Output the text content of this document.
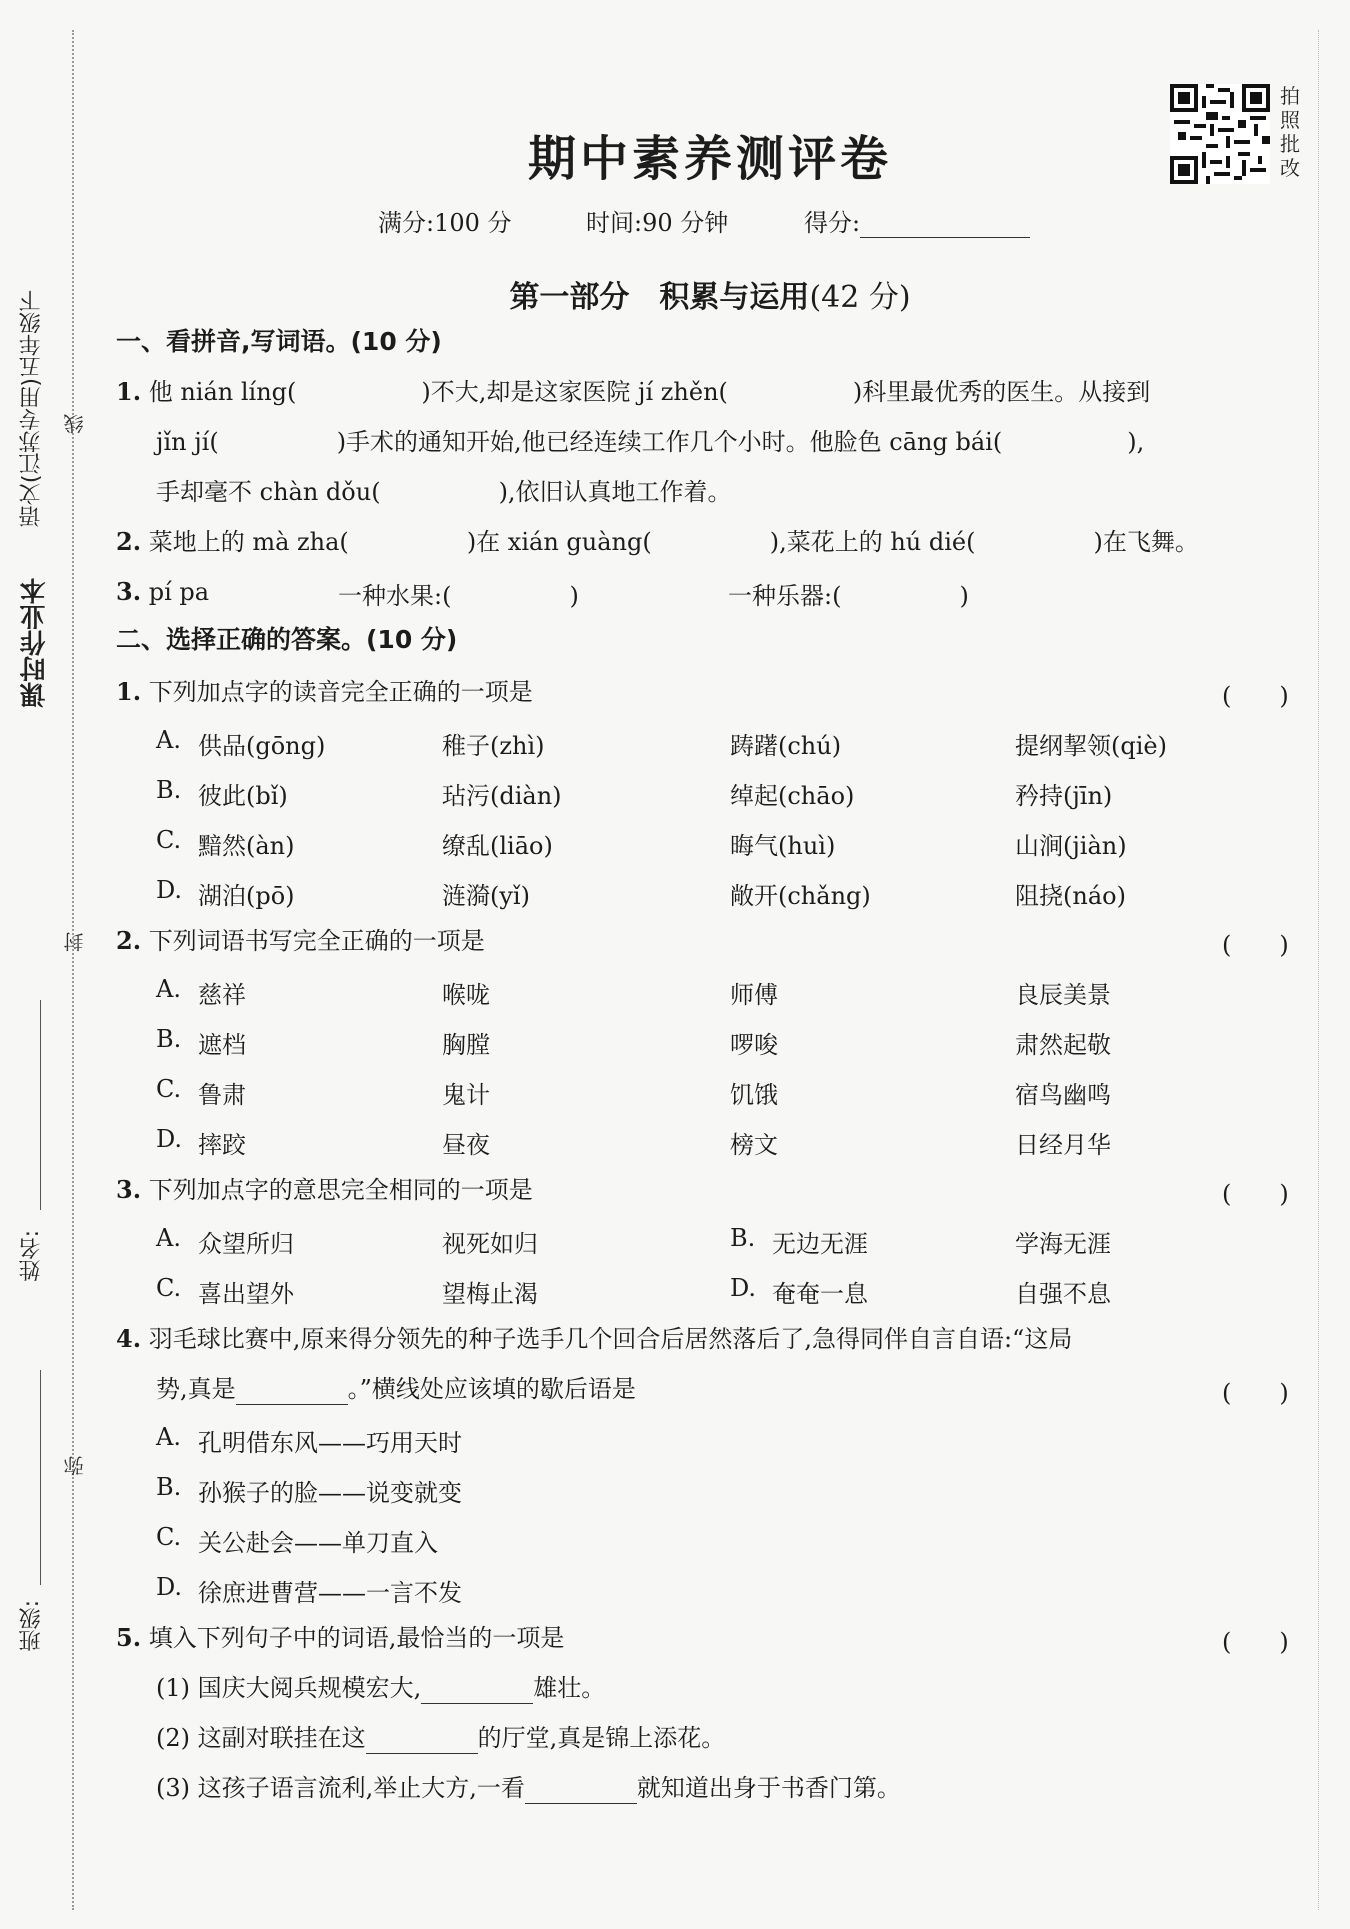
语文(江苏专用)五年级下
课时作业本
线
封
弥
姓名:
班级:
拍照批改
期中素养测评卷
满分:100 分	时间:90 分钟	得分:
第一部分　积累与运用(42 分)
一、看拼音,写词语。(10 分)
1. 他 nián líng(	)不大,却是这家医院 jí zhěn(	)科里最优秀的医生。从接到
jǐn jí(	)手术的通知开始,他已经连续工作几个小时。他脸色 cāng bái(	),
手却毫不 chàn dǒu(	),依旧认真地工作着。
2. 菜地上的 mà zha(	)在 xián guàng(	),菜花上的 hú dié(	)在飞舞。
3. pí pa	一种水果:(	)	一种乐器:(	)
二、选择正确的答案。(10 分)
1. 下列加点字的读音完全正确的一项是	(　　)
A. 供品(gōng)	稚子(zhì)	踌躇(chú)	提纲挈领(qiè)
B. 彼此(bǐ)	玷污(diàn)	绰起(chāo)	矜持(jīn)
C. 黯然(àn)	缭乱(liāo)	晦气(huì)	山涧(jiàn)
D. 湖泊(pō)	涟漪(yǐ)	敞开(chǎng)	阻挠(náo)
2. 下列词语书写完全正确的一项是	(　　)
A. 慈祥	喉咙	师傅	良辰美景
B. 遮档	胸膛	啰唆	肃然起敬
C. 鲁肃	鬼计	饥饿	宿鸟幽鸣
D. 摔跤	昼夜	榜文	日经月华
3. 下列加点字的意思完全相同的一项是	(　　)
A. 众望所归	视死如归	B. 无边无涯	学海无涯
C. 喜出望外	望梅止渴	D. 奄奄一息	自强不息
4. 羽毛球比赛中,原来得分领先的种子选手几个回合后居然落后了,急得同伴自言自语:“这局
势,真是	。”横线处应该填的歇后语是	(　　)
A. 孔明借东风——巧用天时
B. 孙猴子的脸——说变就变
C. 关公赴会——单刀直入
D. 徐庶进曹营——一言不发
5. 填入下列句子中的词语,最恰当的一项是	(　　)
(1) 国庆大阅兵规模宏大,	雄壮。
(2) 这副对联挂在这	的厅堂,真是锦上添花。
(3) 这孩子语言流利,举止大方,一看	就知道出身于书香门第。
